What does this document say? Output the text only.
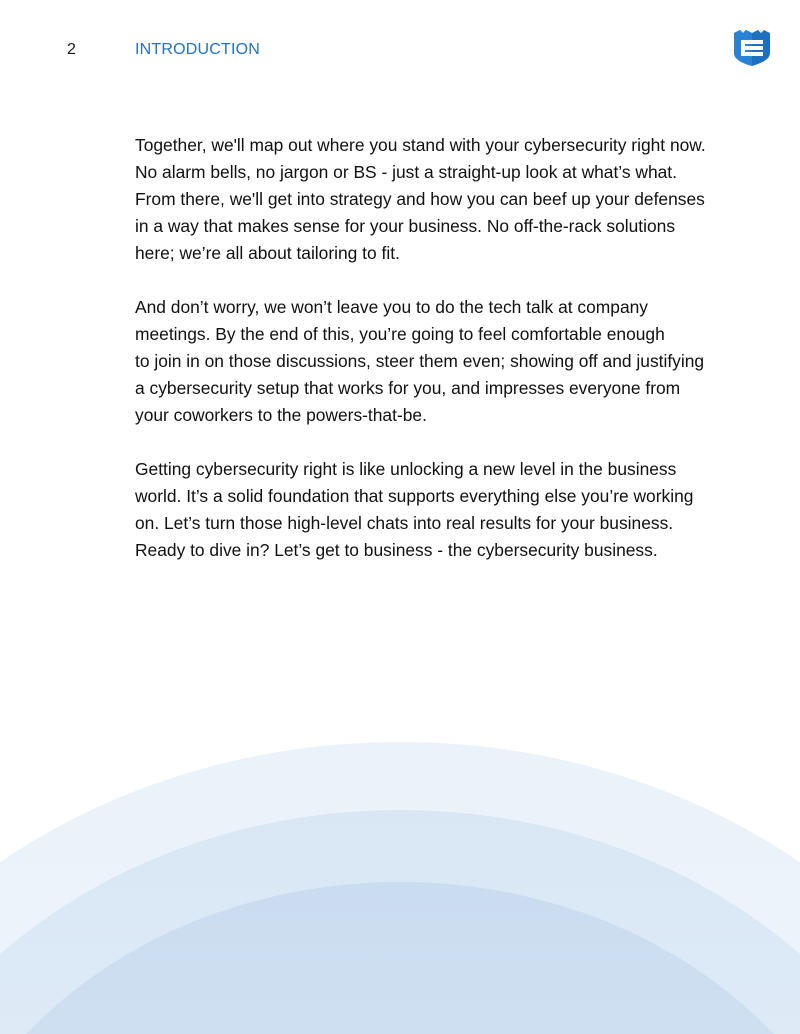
2	INTRODUCTION

Together, we'll map out where you stand with your cybersecurity right now.
No alarm bells, no jargon or BS - just a straight-up look at what’s what.
From there, we'll get into strategy and how you can beef up your defenses
in a way that makes sense for your business. No off-the-rack solutions
here; we’re all about tailoring to fit.

And don’t worry, we won’t leave you to do the tech talk at company
meetings. By the end of this, you’re going to feel comfortable enough
to join in on those discussions, steer them even; showing off and justifying
a cybersecurity setup that works for you, and impresses everyone from
your coworkers to the powers-that-be.

Getting cybersecurity right is like unlocking a new level in the business
world. It’s a solid foundation that supports everything else you’re working
on. Let’s turn those high-level chats into real results for your business.
Ready to dive in? Let’s get to business - the cybersecurity business.
